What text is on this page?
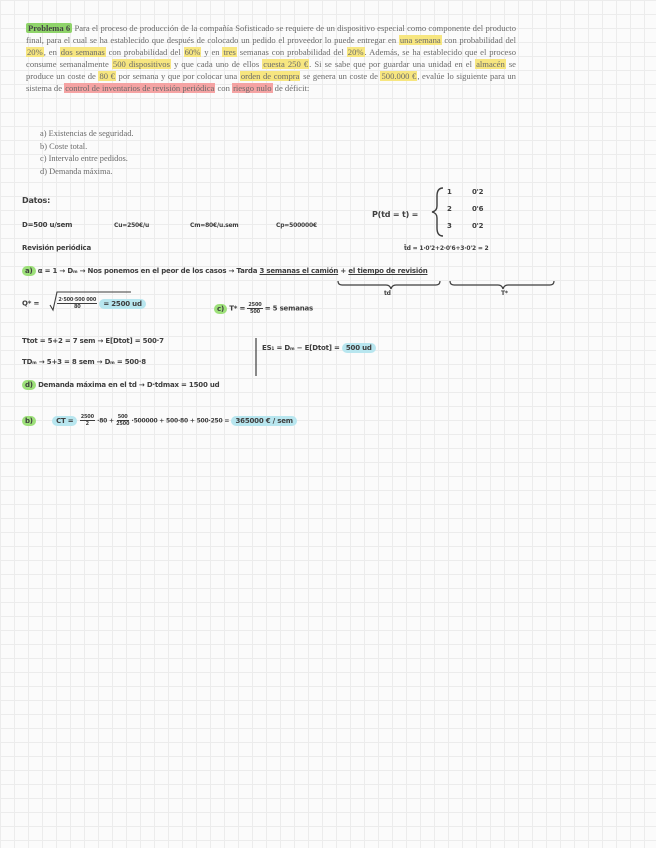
Problema 6 Para el proceso de producción de la compañía Sofisticado se requiere de un dispositivo especial como componente del producto final, para el cual se ha establecido que después de colocado un pedido el proveedor lo puede entregar en una semana con probabilidad del 20%, en dos semanas con probabilidad del 60% y en tres semanas con probabilidad del 20%. Además, se ha establecido que el proceso consume semanalmente 500 dispositivos y que cada uno de ellos cuesta 250 €. Si se sabe que por guardar una unidad en el almacén se produce un coste de 80 € por semana y que por colocar una orden de compra se genera un coste de 500.000 €, evalúe lo siguiente para un sistema de control de inventarios de revisión periódica con riesgo nulo de déficit:
a) Existencias de seguridad.
b) Coste total.
c) Intervalo entre pedidos.
d) Demanda máxima.
Datos:
D=500 u/sem	Cu=250€/u	Cm=80€/u.sem	Cp=500000€
P(td = t) =
1	0'2
2	0'6
3	0'2
t̄d = 1·0'2+2·0'6+3·0'2 = 2
Revisión periódica
a) α = 1 → Dₘ → Nos ponemos en el peor de los casos → Tarda 3 semanas el camión + el tiempo de revisión
td	T*
Q* =	$\frac{2\cdot 500\cdot 500 000}{80} = 2500$ ud
c) $T* = \frac{2500}{500} = 5$ semanas
Ttot = 5+2 = 7 sem → E[Dtot] = 500·7
TDₘ → 5+3 = 8 sem → Dₘ = 500·8
ES₁ = Dₘ − E[Dtot] = 500 ud
d) Demanda máxima en el td → D·tdmax = 1500 ud
b)	CT = $\frac{2500}{2} \cdot 80 + \frac{500}{2500} \cdot 500000 + 500\cdot 80 + 500\cdot 250 = 365000$ € / sem
